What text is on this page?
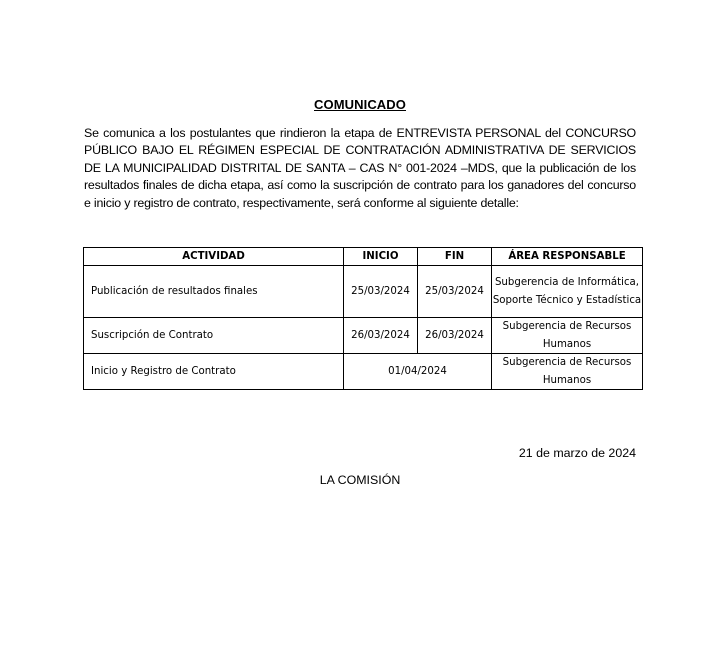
COMUNICADO
Se comunica a los postulantes que rindieron la etapa de ENTREVISTA PERSONAL del CONCURSO PÚBLICO BAJO EL RÉGIMEN ESPECIAL DE CONTRATACIÓN ADMINISTRATIVA DE SERVICIOS DE LA MUNICIPALIDAD DISTRITAL DE SANTA – CAS N° 001-2024 –MDS, que la publicación de los resultados finales de dicha etapa, así como la suscripción de contrato para los ganadores del concurso e inicio y registro de contrato, respectivamente, será conforme al siguiente detalle:
ACTIVIDAD	INICIO	FIN	ÁREA RESPONSABLE
Publicación de resultados finales	25/03/2024	25/03/2024	Subgerencia de Informática, Soporte Técnico y Estadística
Suscripción de Contrato	26/03/2024	26/03/2024	Subgerencia de Recursos Humanos
Inicio y Registro de Contrato	01/04/2024		Subgerencia de Recursos Humanos
21 de marzo de 2024
LA COMISIÓN
